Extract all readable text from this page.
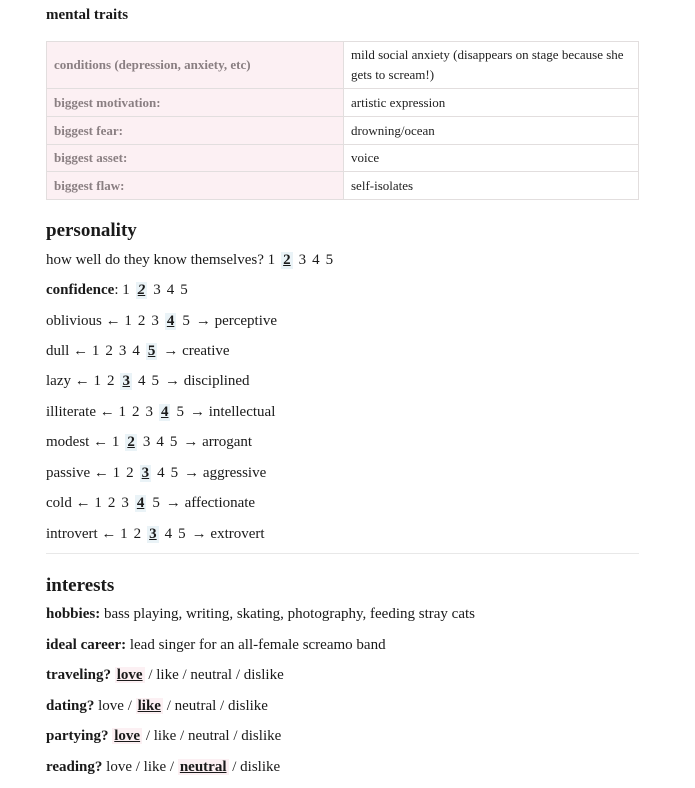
mental traits
conditions (depression, anxiety, etc)	mild social anxiety (disappears on stage because she gets to scream!)
biggest motivation:	artistic expression
biggest fear:	drowning/ocean
biggest asset:	voice
biggest flaw:	self-isolates
personality
how well do they know themselves? 1 2 3 4 5
confidence: 1 2 3 4 5
oblivious ← 1 2 3 4 5 → perceptive
dull ← 1 2 3 4 5 → creative
lazy ← 1 2 3 4 5 → disciplined
illiterate ← 1 2 3 4 5 → intellectual
modest ← 1 2 3 4 5 → arrogant
passive ← 1 2 3 4 5 → aggressive
cold ← 1 2 3 4 5 → affectionate
introvert ← 1 2 3 4 5 → extrovert
interests
hobbies: bass playing, writing, skating, photography, feeding stray cats
ideal career: lead singer for an all-female screamo band
traveling? love / like / neutral / dislike
dating? love / like / neutral / dislike
partying? love / like / neutral / dislike
reading? love / like / neutral / dislike
